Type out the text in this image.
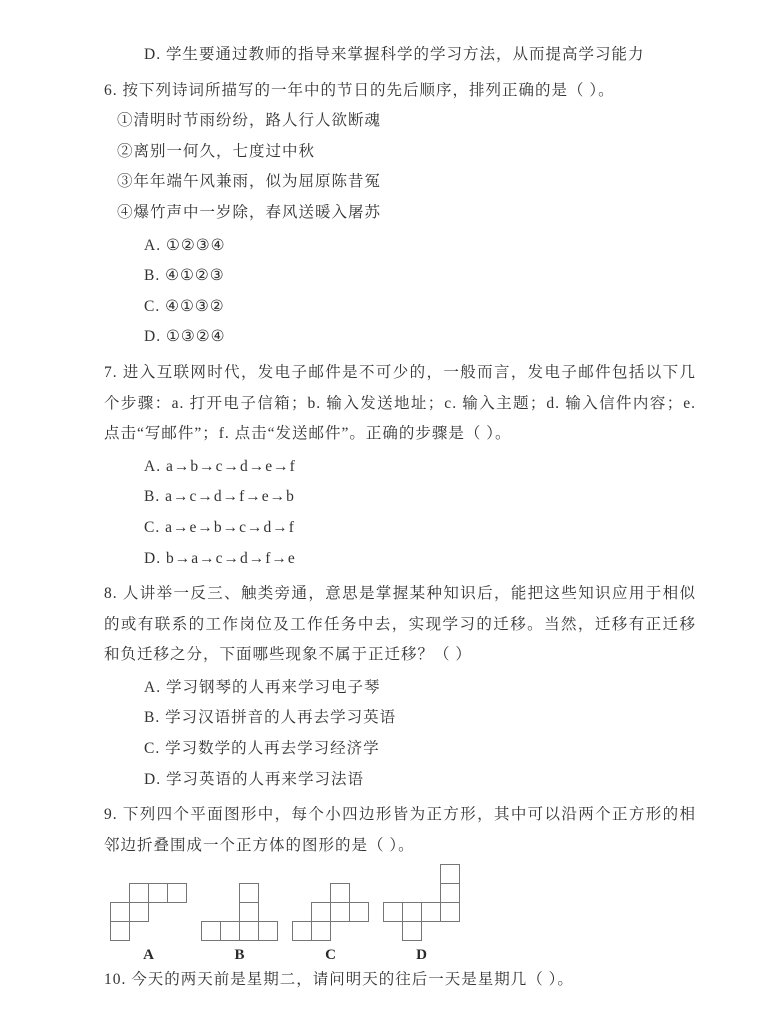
D. 学生要通过教师的指导来掌握科学的学习方法，从而提高学习能力

6. 按下列诗词所描写的一年中的节日的先后顺序，排列正确的是（ ）。

①清明时节雨纷纷，路人行人欲断魂

②离别一何久，七度过中秋

③年年端午风兼雨，似为屈原陈昔冤

④爆竹声中一岁除，春风送暖入屠苏

A. ①②③④

B. ④①②③

C. ④①③②

D. ①③②④

7. 进入互联网时代，发电子邮件是不可少的，一般而言，发电子邮件包括以下几个步骤：a. 打开电子信箱；b. 输入发送地址；c. 输入主题；d. 输入信件内容；e. 点击“写邮件”；f. 点击“发送邮件”。正确的步骤是（ ）。

A. a→b→c→d→e→f

B. a→c→d→f→e→b

C. a→e→b→c→d→f

D. b→a→c→d→f→e

8. 人讲举一反三、触类旁通，意思是掌握某种知识后，能把这些知识应用于相似的或有联系的工作岗位及工作任务中去，实现学习的迁移。当然，迁移有正迁移和负迁移之分，下面哪些现象不属于正迁移？（ ）

A. 学习钢琴的人再来学习电子琴

B. 学习汉语拼音的人再去学习英语

C. 学习数学的人再去学习经济学

D. 学习英语的人再来学习法语

9. 下列四个平面图形中，每个小四边形皆为正方形，其中可以沿两个正方形的相邻边折叠围成一个正方体的图形的是（ ）。

A	B	C	D

10. 今天的两天前是星期二，请问明天的往后一天是星期几（ ）。
